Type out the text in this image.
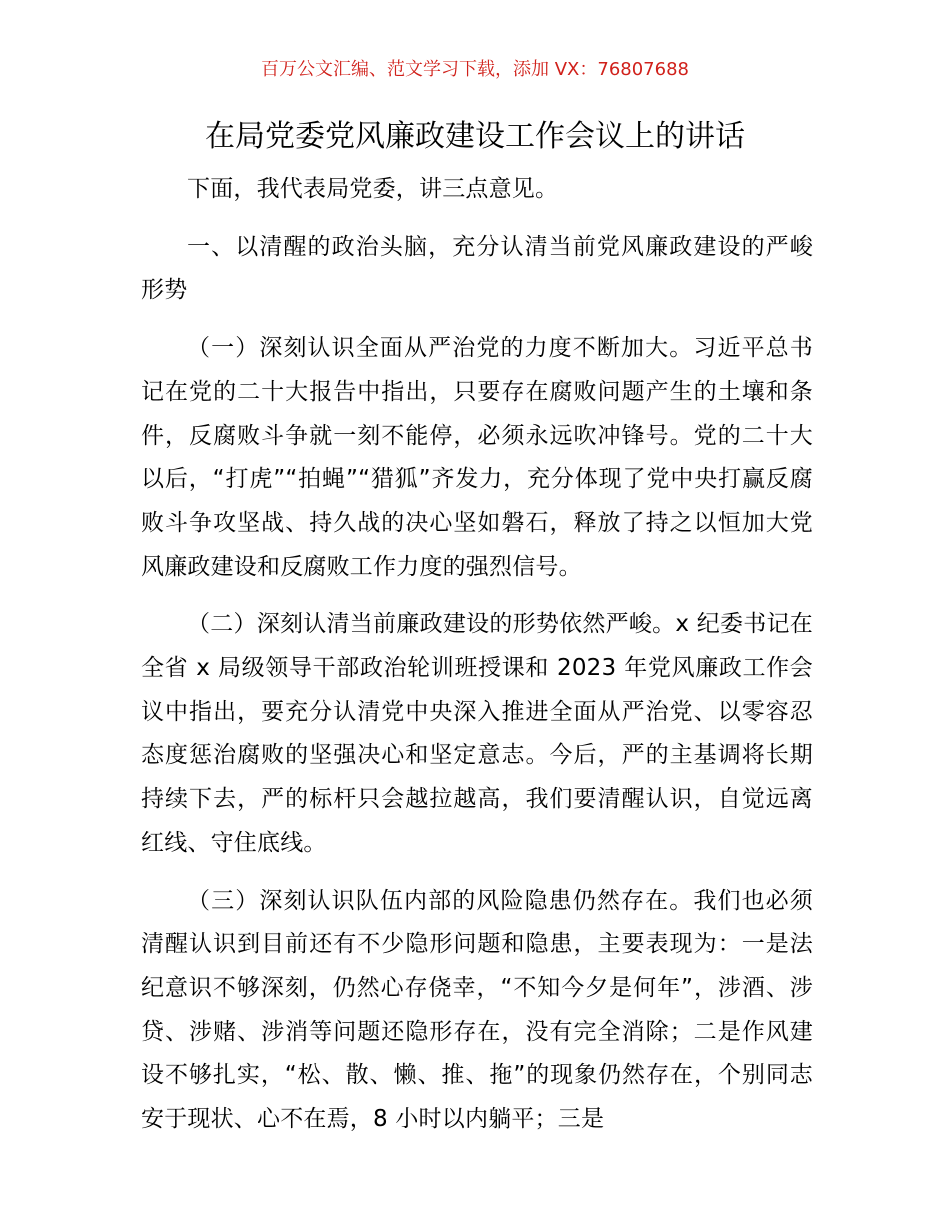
百万公文汇编、范文学习下载，添加 VX：76807688
在局党委党风廉政建设工作会议上的讲话

下面，我代表局党委，讲三点意见。

一、以清醒的政治头脑，充分认清当前党风廉政建设的严峻形势

（一）深刻认识全面从严治党的力度不断加大。习近平总书记在党的二十大报告中指出，只要存在腐败问题产生的土壤和条件，反腐败斗争就一刻不能停，必须永远吹冲锋号。党的二十大以后，“打虎”“拍蝇”“猎狐”齐发力，充分体现了党中央打赢反腐败斗争攻坚战、持久战的决心坚如磐石，释放了持之以恒加大党风廉政建设和反腐败工作力度的强烈信号。

（二）深刻认清当前廉政建设的形势依然严峻。x 纪委书记在全省 x 局级领导干部政治轮训班授课和 2023 年党风廉政工作会议中指出，要充分认清党中央深入推进全面从严治党、以零容忍态度惩治腐败的坚强决心和坚定意志。今后，严的主基调将长期持续下去，严的标杆只会越拉越高，我们要清醒认识，自觉远离红线、守住底线。

（三）深刻认识队伍内部的风险隐患仍然存在。我们也必须清醒认识到目前还有不少隐形问题和隐患，主要表现为：一是法纪意识不够深刻，仍然心存侥幸，“不知今夕是何年”，涉酒、涉贷、涉赌、涉消等问题还隐形存在，没有完全消除；二是作风建设不够扎实，“松、散、懒、推、拖”的现象仍然存在，个别同志安于现状、心不在焉，8 小时以内躺平；三是
